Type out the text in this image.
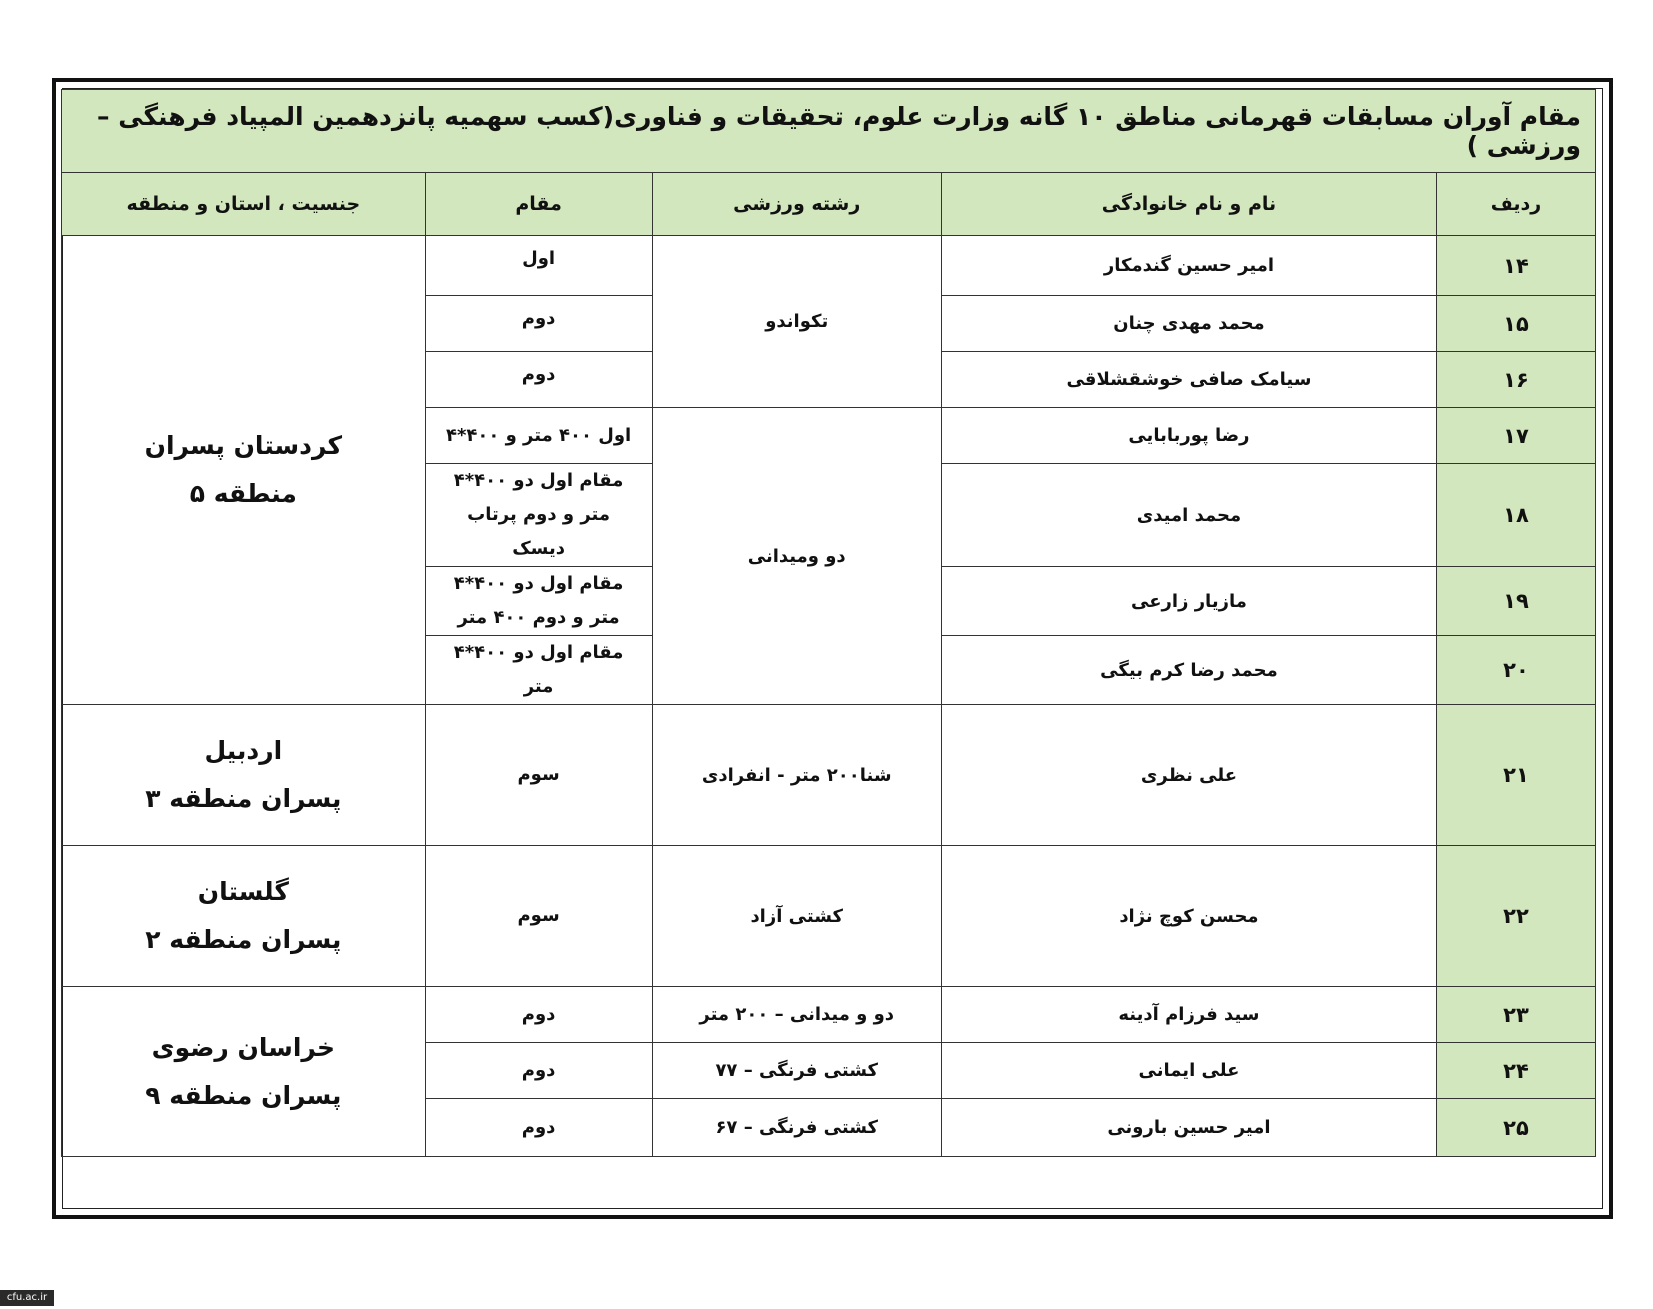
مقام آوران مسابقات قهرمانی مناطق ۱۰ گانه وزارت علوم، تحقیقات و فناوری(کسب سهمیه پانزدهمین المپیاد فرهنگی – ورزشی )				
ردیف	نام و نام خانوادگی	رشته ورزشی	مقام	جنسیت ، استان و منطقه
۱۴	امیر حسین گندمکار	تکواندو	اول	کردستان پسران
منطقه ۵

۱۵	محمد مهدی چنان		دوم	
۱۶	سیامک صافی خوشقشلاقی		دوم	
۱۷	رضا پوربابایی	دو ومیدانی	اول ۴۰۰ متر و ۴۰۰*۴	
۱۸	محمد امیدی		مقام اول دو ۴۰۰*۴ متر و دوم پرتاب دیسک	
۱۹	مازیار زارعی		مقام اول دو ۴۰۰*۴ متر و دوم ۴۰۰ متر	
۲۰	محمد رضا کرم بیگی		مقام اول دو ۴۰۰*۴ متر	
۲۱	علی نظری	شنا۲۰۰ متر - انفرادی	سوم	اردبیل
پسران منطقه ۳

۲۲	محسن کوچ نژاد	کشتی آزاد	سوم	گلستان
پسران منطقه ۲

۲۳	سید فرزام آدینه	دو و میدانی – ۲۰۰ متر	دوم	خراسان رضوی
پسران منطقه ۹

۲۴	علی ایمانی	کشتی فرنگی – ۷۷	دوم	
۲۵	امیر حسین بارونی	کشتی فرنگی – ۶۷	دوم	
cfu.ac.ir
